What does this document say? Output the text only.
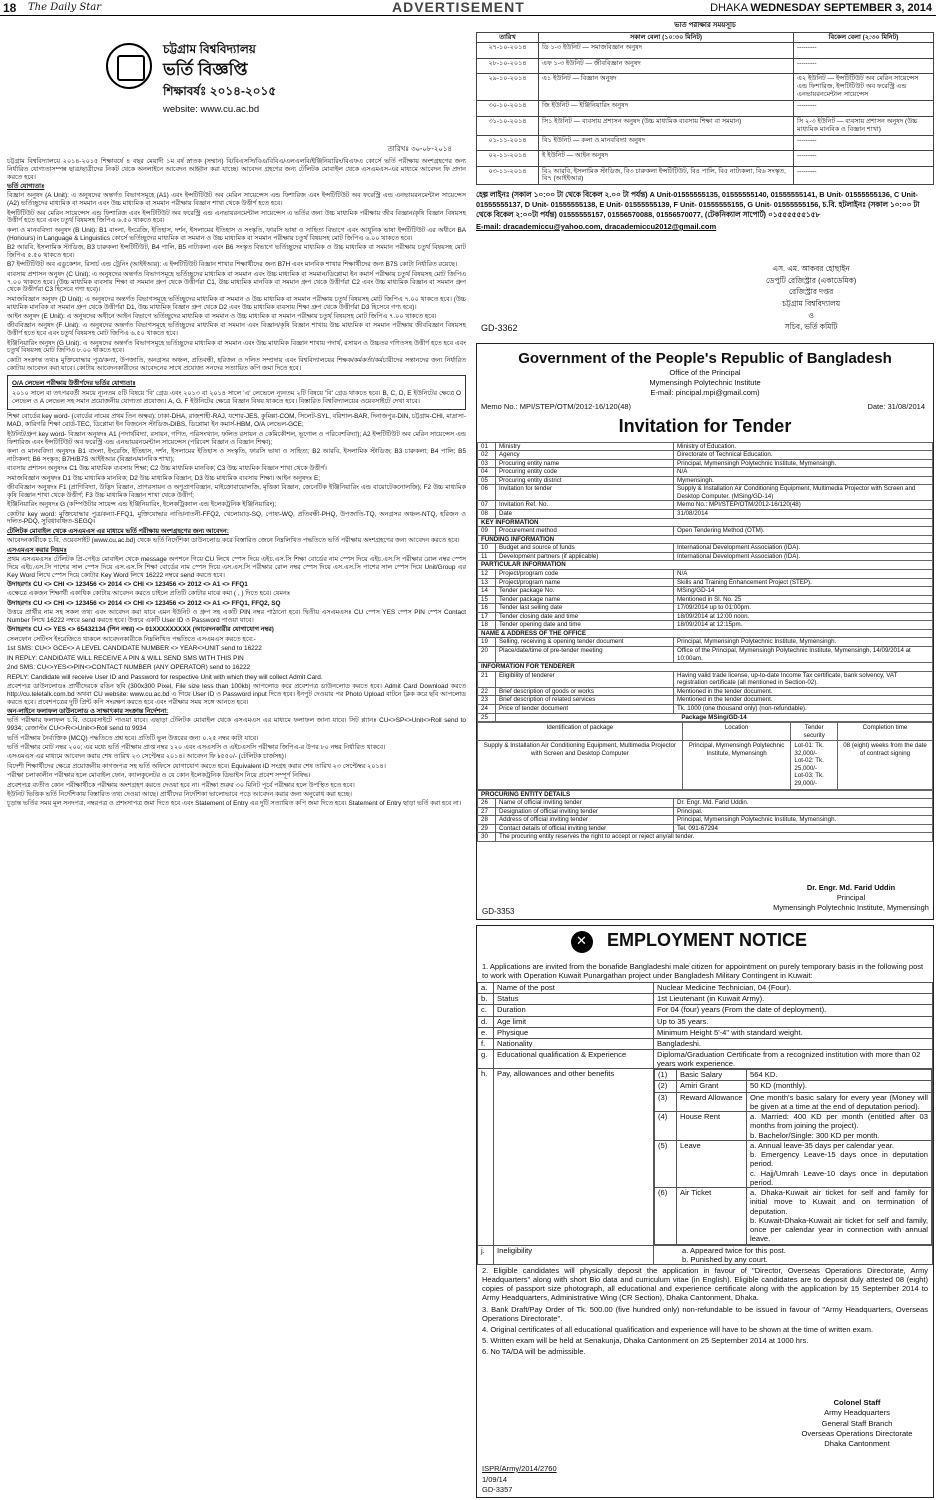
18 The Daily Star	ADVERTISEMENT	DHAKA WEDNESDAY SEPTEMBER 3, 2014
চট্টগ্রাম বিশ্ববিদ্যালয়
ভর্তি বিজ্ঞপ্তি
শিক্ষাবর্ষঃ ২০১৪-২০১৫
website: www.cu.ac.bd
তারিখঃ ৩০-০৮-২০১৪

চট্টগ্রাম বিশ্ববিদ্যালয়ে ২০১৪-২০১৫ শিক্ষাবর্ষে ৪ বছর মেয়াদী ১ম বর্ষ স্নাতক (সম্মান) বি/বিএসসি/বিএ/বিবিএ/এলএলবি/ইঞ্জিনিয়ারিং/বিএফএ কোর্সে ভর্তি পরীক্ষায় অংশগ্রহণের জন্য নির্ধারিত যোগ্যতাসম্পন্ন ছাত্র/ছাত্রীদের নিকট থেকে অনলাইনে আবেদন আহ্বান করা যাচ্ছে। আবেদন গ্রহণের জন্য টেলিটক মোবাইল থেকে এসএমএস-এর মাধ্যমে আবেদন ফি প্রদান করতে হবে।

ভর্তি যোগ্যতাঃ

বিজ্ঞান অনুষদ (A Unit): এ অনুষদের অন্তর্গত বিভাগসমূহে (A1) এবং ইন্সটিটিউট অব মেরিন সায়েন্সেস এন্ড ফিশারিজ এবং ইন্সটিটিউট অব ফরেস্ট্রি এন্ড এনভায়রনমেন্টাল সায়েন্সেস (A2) ভর্তিচ্ছুদের মাধ্যমিক বা সমমান এবং উচ্চ মাধ্যমিক বা সমমান পরীক্ষায় বিজ্ঞান শাখা থেকে উত্তীর্ণ হতে হবে।

ইন্সটিটিউট অব মেরিন সায়েন্সেস এন্ড ফিশারিজ এবং ইন্সটিটিউট অব ফরেস্ট্রি এন্ড এনভায়রনমেন্টাল সায়েন্সেস এ ভর্তির জন্য উচ্চ মাধ্যমিক পরীক্ষায় জীব বিজ্ঞান/কৃষি বিজ্ঞান বিষয়সহ উত্তীর্ণ হতে হবে এবং চতুর্থ বিষয়সহ জিপিএ ৬.৫০ থাকতে হবে।

কলা ও মানববিদ্যা অনুষদ (B Unit): B1 বাংলা, ইংরেজি, ইতিহাস, দর্শন, ইসলামের ইতিহাস ও সংস্কৃতি, ফারসি ভাষা ও সাহিত্য বিভাগে এবং আধুনিক ভাষা ইন্সটিটিউট এর অধীনে BA (Honours) in Language & Linguistics কোর্সে ভর্তিচ্ছুদের মাধ্যমিক বা সমমান ও উচ্চ মাধ্যমিক বা সমমান পরীক্ষায় চতুর্থ বিষয়সহ মোট জিপিএ ৬.০০ থাকতে হবে।

B2 আরবি, ইসলামিক স্টাডিজ, B3 চারুকলা ইন্সটিটিউট, B4 পালি, B5 নাট্যকলা এবং B6 সংস্কৃত বিভাগে ভর্তিচ্ছুদের মাধ্যমিক ও উচ্চ মাধ্যমিক বা সমমান পরীক্ষায় চতুর্থ বিষয়সহ মোট জিপিএ ৫.৫০ থাকতে হবে।

B7 ইন্সটিটিউট অব এডুকেশন, রিসার্চ এন্ড ট্রেনিং (আইইআর): এ ইন্সটিটিউট বিজ্ঞান শাখার শিক্ষার্থীদের জন্য B7H এবং মানবিক শাখার শিক্ষার্থীদের জন্য B7S কোটা নির্ধারিত রয়েছে।

ব্যবসায় প্রশাসন অনুষদ (C Unit): এ অনুষদের অন্তর্গত বিভাগসমূহে ভর্তিচ্ছুদের মাধ্যমিক বা সমমান এবং উচ্চ মাধ্যমিক বা সমমান/ডিপ্লোমা ইন কমার্স পরীক্ষায় চতুর্থ বিষয়সহ মোট জিপিএ ৭.০০ থাকতে হবে। (উচ্চ মাধ্যমিক ব্যবসায় শিক্ষা বা সমমান গ্রুপ থেকে উত্তীর্ণরা C1, উচ্চ মাধ্যমিক মানবিক বা সমমান গ্রুপ থেকে উত্তীর্ণরা C2 এবং উচ্চ মাধ্যমিক বিজ্ঞান বা সমমান গ্রুপ থেকে উত্তীর্ণরা C3 হিসেবে গণ্য হবে)।

সমাজবিজ্ঞান অনুষদ (D Unit): এ অনুষদের অন্তর্গত বিভাগসমূহে ভর্তিচ্ছুদের মাধ্যমিক বা সমমান ও উচ্চ মাধ্যমিক বা সমমান পরীক্ষায় চতুর্থ বিষয়সহ মোট জিপিএ ৭.০০ থাকতে হবে। (উচ্চ মাধ্যমিক মানবিক বা সমমান গ্রুপ থেকে উত্তীর্ণরা D1, উচ্চ মাধ্যমিক বিজ্ঞান গ্রুপ থেকে D2 এবং উচ্চ মাধ্যমিক ব্যবসায় শিক্ষা গ্রুপ থেকে উত্তীর্ণরা D3 হিসেবে গণ্য হবে)।

আইন অনুষদ (E Unit): এ অনুষদের অধীনে আইন বিভাগে ভর্তিচ্ছুদের মাধ্যমিক বা সমমান ও উচ্চ মাধ্যমিক বা সমমান পরীক্ষায় চতুর্থ বিষয়সহ মোট জিপিএ ৭.০০ থাকতে হবে।

জীববিজ্ঞান অনুষদ (F Unit): এ অনুষদের অন্তর্গত বিভাগসমূহে ভর্তিচ্ছুদের মাধ্যমিক বা সমমান এবং বিজ্ঞান/কৃষি বিজ্ঞান শাখায় উচ্চ মাধ্যমিক বা সমমান পরীক্ষায় জীববিজ্ঞান বিষয়সহ উত্তীর্ণ হতে হবে এবং চতুর্থ বিষয়সহ মোট জিপিএ ৬.৫০ থাকতে হবে।

ইঞ্জিনিয়ারিং অনুষদ (G Unit): এ অনুষদের অন্তর্গত বিভাগসমূহে ভর্তিচ্ছুদের মাধ্যমিক বা সমমান এবং উচ্চ মাধ্যমিক বিজ্ঞান শাখায় পদার্থ, রসায়ন ও উচ্চতর গণিতসহ উত্তীর্ণ হতে হবে এবং চতুর্থ বিষয়সহ মোট জিপিএ ৮.০০ থাকতে হবে।

কোটা সংক্রান্ত তথ্যঃ মুক্তিযোদ্ধার পুত্র/কন্যা, উপজাতি, অনগ্রসর অঞ্চল, প্রতিবন্ধী, হরিজন ও দলিত সম্প্রদায় এবং বিশ্ববিদ্যালয়ের শিক্ষক/কর্মকর্তা/কর্মচারীদের সন্তানদের জন্য নির্ধারিত কোটায় আবেদন করা যাবে। কোটায় আবেদনকারীদের আবেদনের সাথে প্রযোজ্য সনদের সত্যায়িত কপি জমা দিতে হবে।

O/A লেভেল পরীক্ষায় উত্তীর্ণদের ভর্তির যোগ্যতাঃ

২০১০ সালে বা তৎপরবর্তী সময়ে ন্যূনতম ৫টি বিষয়ে 'বি' গ্রেড এবং ২০১৩ বা ২০১৪ সালে 'এ' লেভেলে ন্যূনতম ২টি বিষয়ে 'বি' গ্রেড থাকতে হবে। B, C, D, E ইউনিটের ক্ষেত্রে O লেভেল ও A লেভেল সহ সমান প্রয়োজনীয় যোগ্যতা প্রযোজ্য। A, G, F ইউনিটের ক্ষেত্রে বিজ্ঞান বিষয় থাকতে হবে। বিস্তারিত বিশ্ববিদ্যালয়ের ওয়েবসাইটে দেখা যাবে।

শিক্ষা বোর্ডের key word- (বোর্ডের নামের প্রথম তিন অক্ষর): ঢাকা-DHA, রাজশাহী-RAJ, যশোর-JES, কুমিল্লা-COM, সিলেট-SYL, বরিশাল-BAR, দিনাজপুর-DIN, চট্টগ্রাম-CHI, মাদ্রাসা-MAD, কারিগরি শিক্ষা বোর্ড-TEC, ডিপ্লোমা ইন বিজনেস স্টাডিজ-DIBS, ডিপ্লোমা ইন কমার্স-HBM, O/A লেভেল-GCE;

ইউনিট/গ্রুপ key word- বিজ্ঞান অনুষদঃ A1 (পদার্থবিদ্যা, রসায়ন, গণিত, পরিসংখ্যান, ফলিত রসায়ন ও কেমিকৌশল, ভূগোল ও পরিবেশবিদ্যা); A2 ইন্সটিটিউট অব মেরিন সায়েন্সেস এন্ড ফিশারিজ এবং ইন্সটিটিউট অব ফরেস্ট্রি এন্ড এনভায়রনমেন্টাল সায়েন্সেস (পরিবেশ বিজ্ঞান ও বিজ্ঞান শিক্ষা);

কলা ও মানববিদ্যা অনুষদঃ B1 বাংলা, ইংরেজি, ইতিহাস, দর্শন, ইসলামের ইতিহাস ও সংস্কৃতি, ফারসি ভাষা ও সাহিত্য; B2 আরবি, ইসলামিক স্টাডিজ; B3 চারুকলা; B4 পালি; B5 নাট্যকলা; B6 সংস্কৃত; B7H/B7S আইইআর (বিজ্ঞান/মানবিক শাখা);

ব্যবসায় প্রশাসন অনুষদঃ C1 উচ্চ মাধ্যমিক ব্যবসায় শিক্ষা; C2 উচ্চ মাধ্যমিক মানবিক; C3 উচ্চ মাধ্যমিক বিজ্ঞান শাখা থেকে উত্তীর্ণ।

সমাজবিজ্ঞান অনুষদঃ D1 উচ্চ মাধ্যমিক মানবিক; D2 উচ্চ মাধ্যমিক বিজ্ঞান; D3 উচ্চ মাধ্যমিক ব্যবসায় শিক্ষা। আইন অনুষদঃ E;

জীববিজ্ঞান অনুষদঃ F1 (প্রাণিবিদ্যা, উদ্ভিদ বিজ্ঞান, প্রাণরসায়ন ও অণুপ্রাণবিজ্ঞান, মাইক্রোবায়োলজি, মৃত্তিকা বিজ্ঞান, জেনেটিক ইঞ্জিনিয়ারিং এন্ড বায়োটেকনোলজি); F2 উচ্চ মাধ্যমিক কৃষি বিজ্ঞান শাখা থেকে উত্তীর্ণ; F3 উচ্চ মাধ্যমিক বিজ্ঞান শাখা থেকে উত্তীর্ণ;

ইঞ্জিনিয়ারিং অনুষদঃ G (কম্পিউটার সায়েন্স এন্ড ইঞ্জিনিয়ারিং, ইলেকট্রিক্যাল এন্ড ইলেকট্রনিক ইঞ্জিনিয়ারিং);

কোটার key word: মুক্তিযোদ্ধার পুত্র/কন্যা-FFQ1, মুক্তিযোদ্ধার নাতি/নাতনী-FFQ2, খেলোয়াড়-SQ, পোষ্য-WQ, প্রতিবন্ধী-PHQ, উপজাতি-TQ, অনগ্রসর অঞ্চল-NTQ, হরিজন ও দলিত-PDQ, সুবিধাবঞ্চিত-SEGQ।

টেলিটক মোবাইল থেকে এসএমএস এর মাধ্যমে ভর্তি পরীক্ষায় অংশগ্রহণের জন্য আবেদন:

আবেদনকারীকে চ.বি. ওয়েবসাইট (www.cu.ac.bd) থেকে ভর্তি নির্দেশিকা ডাউনলোড করে বিস্তারিত জেনে নিম্নলিখিত পদ্ধতিতে ভর্তি পরীক্ষায় অংশগ্রহণের জন্য আবেদন করতে হবে।

এসএমএস করার নিয়মঃ

প্রথম এসএমএসঃ টেলিটক প্রি-পেইড মোবাইল থেকে message অপশনে গিয়ে CU লিখে স্পেস দিয়ে এইচ.এস.সি শিক্ষা বোর্ডের নাম স্পেস দিয়ে এইচ.এস.সি পরীক্ষার রোল নম্বর স্পেস দিয়ে এইচ.এস.সি পাশের সাল স্পেস দিয়ে এস.এস.সি শিক্ষা বোর্ডের নাম স্পেস দিয়ে এস.এস.সি পরীক্ষার রোল নম্বর স্পেস দিয়ে এস.এস.সি পাশের সাল স্পেস দিয়ে Unit/Group এর Key Word লিখে স্পেস দিয়ে কোটার Key Word লিখে 16222 নম্বরে send করতে হবে।

উদাহরণঃ CU <> CHI <> 123456 <> 2014 <> CHI <> 123456 <> 2012 <> A1 <> FFQ1

এক্ষেত্রে একজন শিক্ষার্থী একাধিক কোটায় আবেদন করতে চাইলে প্রতিটি কোটার মাঝে কমা ( , ) দিতে হবে। যেমনঃ

উদাহরণঃ CU <> CHI <> 123456 <> 2014 <> CHI <> 123456 <> 2012 <> A1 <> FFQ1, FFQ2, SQ

উত্তরে প্রার্থীর নাম সহ সকল তথ্য এবং আবেদন করা যাবে এমন ইউনিট ও গ্রুপ সহ একটি PIN নম্বর পাঠানো হবে। দ্বিতীয় এসএমএসঃ CU স্পেস YES স্পেস PIN স্পেস Contact Number লিখে 16222 নম্বরে send করতে হবে। উত্তরে একটি User ID ও Password পাওয়া যাবে।

উদাহরণঃ CU <> YES <> 65432134 (পিন নম্বর) <> 01XXXXXXXXX (আবেদনকারীর যোগাযোগ নম্বর)

সেলফোন সেটিংস ইংরেজিতে থাকলে আবেদনকারীকে নিম্নলিখিত পদ্ধতিতে এসএমএস করতে হবে:-

1st SMS: CU<> GCE<> A LEVEL CANDIDATE NUMBER <> YEAR<>UNIT send to 16222

IN REPLY: CANDIDATE WILL RECEIVE A PIN & WILL SEND SMS WITH THIS PIN

2nd SMS: CU<>YES<>PIN<>CONTACT NUMBER (ANY OPERATOR) send to 16222

REPLY: Candidate will receive User ID and Password for respective Unit with which they will collect Admit Card.

প্রবেশপত্র ডাউনলোডঃ প্রার্থীদেরকে রঙিন ছবি (300x300 Pixel, File size less than 100kb) আপলোড করে প্রবেশপত্র ডাউনলোড করতে হবে। Admit Card Download করতে http://cu.teletalk.com.bd অথবা CU website: www.cu.ac.bd এ গিয়ে User ID ও Password input দিতে হবে। ইনপুট দেওয়ার পর Photo Upload বাটনে ক্লিক করে ছবি আপলোড করতে হবে। প্রবেশপত্রের দুটি প্রিন্ট কপি সংরক্ষণ করতে হবে এবং পরীক্ষার সময় সঙ্গে আনতে হবে।

অন-লাইনে ফলাফল ডাউনলোড ও সাক্ষাৎকার সংক্রান্ত নির্দেশনা:

ভর্তি পরীক্ষার ফলাফল চ.বি. ওয়েবসাইটে পাওয়া যাবে। এছাড়া টেলিটক মোবাইল থেকে এসএমএস এর মাধ্যমে ফলাফল জানা যাবে। সিট প্ল্যানঃ CU<>SP<>Unit<>Roll send to 9934; রেজাল্টঃ CU<>R<>Unit<>Roll send to 9934

ভর্তি পরীক্ষায় নৈর্ব্যক্তিক (MCQ) পদ্ধতিতে প্রশ্ন হবে। প্রতিটি ভুল উত্তরের জন্য ০.২৫ নম্বর কাটা যাবে।

ভর্তি পরীক্ষার মোট নম্বর ২০০; এর মধ্যে ভর্তি পরীক্ষায় প্রাপ্ত নম্বর ১২০ এবং এসএসসি ও এইচএসসি পরীক্ষার জিপিএ-র উপর ৮০ নম্বর নির্ধারিত থাকবে।

এসএমএস এর মাধ্যমে আবেদন করার শেষ তারিখ ২৩ সেপ্টেম্বর ২০১৪। আবেদন ফি ৳৫৫০/- (টেলিটক চার্জসহ)।

বিদেশী শিক্ষার্থীদের ক্ষেত্রে প্রয়োজনীয় কাগজপত্র সহ ভর্তি অফিসে যোগাযোগ করতে হবে। Equivalent ID সংগ্রহ করার শেষ তারিখ ২৩ সেপ্টেম্বর ২০১৪।

পরীক্ষা চলাকালীন পরীক্ষার হলে মোবাইল ফোন, ক্যালকুলেটর ও যে কোন ইলেকট্রনিক ডিভাইস নিয়ে প্রবেশ সম্পূর্ণ নিষিদ্ধ।

প্রবেশপত্র ব্যতীত কোন পরীক্ষার্থীকে পরীক্ষায় অংশগ্রহণ করতে দেওয়া হবে না। পরীক্ষা শুরুর ৩০ মিনিট পূর্বে পরীক্ষার হলে উপস্থিত হতে হবে।

ইউনিট ভিত্তিক ভর্তি নির্দেশিকায় বিস্তারিত তথ্য দেওয়া আছে। প্রার্থীদের নির্দেশিকা ভালোভাবে পড়ে আবেদন করার জন্য অনুরোধ করা হচ্ছে।

চূড়ান্ত ভর্তির সময় মূল সনদপত্র, নম্বরপত্র ও প্রশংসাপত্র জমা দিতে হবে এবং Statement of Entry এর দুটি সত্যায়িত কপি জমা দিতে হবে। Statement of Entry ছাড়া ভর্তি করা হবে না।

ভর্তি পরীক্ষার সময়সূচি
তারিখ	সকাল বেলা (১০:৩০ মিনিট)	বিকেল বেলা (২:৩০ মিনিট)
২৭-১০-২০১৪	ডি ১-৩ ইউনিট — সমাজবিজ্ঞান অনুষদ	---------
২৮-১০-২০১৪	এফ ১-৩ ইউনিট — জীববিজ্ঞান অনুষদ	---------
২৯-১০-২০১৪	এ১ ইউনিট — বিজ্ঞান অনুষদ	এ২ ইউনিট — ইন্সটিটিউট অব মেরিন সায়েন্সেস এন্ড ফিশারিজ, ইন্সটিটিউট অব ফরেস্ট্রি এন্ড এনভায়রনমেন্টাল সায়েন্সেস
৩০-১০-২০১৪	জি ইউনিট — ইঞ্জিনিয়ারিং অনুষদ	---------
৩১-১০-২০১৪	সি১ ইউনিট — ব্যবসায় প্রশাসন অনুষদ (উচ্চ মাধ্যমিক ব্যবসায় শিক্ষা বা সমমান)	সি ২-৩ ইউনিট — ব্যবসায় প্রশাসন অনুষদ (উচ্চ মাধ্যমিক মানবিক ও বিজ্ঞান শাখা)
০১-১১-২০১৪	বি১ ইউনিট — কলা ও মানববিদ্যা অনুষদ	---------
০২-১১-২০১৪	ই ইউনিট — আইন অনুষদ	---------
০৩-১১-২০১৪	বি২ আরবি, ইসলামিক স্টাডিজ, বি৩ চারুকলা ইন্সটিটিউট, বি৪ পালি, বি৫ নাট্যকলা, বি৬ সংস্কৃত, বি৭ (আইইআর)	---------
হেল্প লাইনঃ (সকাল ১০:০০ টা থেকে বিকেল ২.০০ টা পর্যন্ত) A Unit-01555555135, 01555555140, 01555555141, B Unit- 01555555136, C Unit- 01555555137, D Unit- 01555555138, E Unit- 01555555139, F Unit- 01555555155, G Unit- 01555555156, চ.বি. হটলাইনঃ (সকাল ১০:০০ টা থেকে বিকেল ২:০০টা পর্যন্ত) 01555555157, 01556570088, 01556570077, (টেকনিক্যাল সাপোর্ট) ০১৫৫৫৫৫৫১৫৮
E-mail: dracademiccu@yahoo.com, dracademiccu2012@gmail.com
এস. এম. আকবর হোছাইন
ডেপুটি রেজিস্ট্রার (একাডেমিক)
রেজিস্ট্রার দপ্তর
চট্টগ্রাম বিশ্ববিদ্যালয়
ও
সচিব, ভর্তি কমিটি
GD-3362
Government of the People's Republic of Bangladesh
Office of the Principal
Mymensingh Polytechnic Institute
E-mail: pincipal.mpi@gmail.com)
Memo No.: MPI/STEP/OTM/2012-16/120(48)	Date: 31/08/2014
Invitation for Tender
01	Ministry	Ministry of Education.
02	Agency	Directorate of Technical Education.
03	Procuring entity name	Principal, Mymensingh Polytechnic Institute, Mymensingh.
04	Procuring entity code	N/A
05	Procuring entity district	Mymensingh.
06	Invitation for tender	Supply & Installation Air Conditioning Equipment, Multimedia Projector with Screen and Desktop Computer. (MSing/GD-14)
07	Invitation Ref. No.	Memo No.: MPI/STEP/OTM/2012-16/120(48)
08	Date	31/08/2014
KEY INFORMATION		
09	Procurement method	Open Tendering Method (OTM).
FUNDING INFORMATION		
10	Budget and source of funds	International Development Association (IDA).
11	Development partners (if applicable)	International Development Association (IDA).
PARTICULAR INFORMATION		
12	Project/program code	N/A
13	Project/program name	Skills and Training Enhancement Project (STEP).
14	Tender package No.	MSing/GD-14
15	Tender package name	Mentioned in Sl. No. 25
16	Tender last selling date	17/09/2014 up to 01:00pm.
17	Tender closing date and time	18/09/2014 at 12:00 noon.
18	Tender opening date and time	18/09/2014 at 12:15pm.
NAME & ADDRESS OF THE OFFICE		
19	Selling, receiving & opening tender document	Principal, Mymensingh Polytechnic Institute, Mymensingh.
20	Place/date/time of pre-tender meeting	Office of the Principal, Mymensingh Polytechnic Institute, Mymensingh, 14/09/2014 at 10:00am.
INFORMATION FOR TENDERER		
21	Eligibility of tenderer	Having valid trade license, up-to-date Income Tax certificate, bank solvency, VAT registration certificate (all mentioned in Section-02).
22	Brief description of goods or works	Mentioned in the tender document.
23	Brief description of related services	Mentioned in the tender document.
24	Price of tender document	Tk. 1000 (one thousand only) (non-refundable).
25	Package MSing/GD-14	
Identification of package	Location	Tender security	Completion time
Supply & Installation Air Conditioning Equipment, Multimedia Projector with Screen and Desktop Computer	Principal, Mymensingh Polytechnic Institute, Mymensingh	Lot-01: Tk. 32,000/-
Lot-02: Tk. 25,000/-
Lot-03: Tk. 29,000/-	08 (eight) weeks from the date of contract signing
PROCURING ENTITY DETAILS		
26	Name of official inviting tender	Dr. Engr. Md. Farid Uddin.
27	Designation of official inviting tender	Principal.
28	Address of official inviting tender	Principal, Mymensingh Polytechnic Institute, Mymensingh.
29	Contact details of official inviting tender	Tel. 091-67294
30	The procuring entity reserves the right to accept or reject any/all tender.	
Dr. Engr. Md. Farid Uddin
Principal
Mymensingh Polytechnic Institute, Mymensingh
GD-3353
✕
EMPLOYMENT NOTICE
1. Applications are invited from the bonafide Bangladeshi male citizen for appointment on purely temporary basis in the following post to work with Operation Kuwait Punargathan project under Bangladesh Military Contingent in Kuwait:
a.	Name of the post	Nuclear Medicine Technician, 04 (Four).
b.	Status	1st Lieutenant (in Kuwait Army).
c.	Duration	For 04 (four) years (From the date of deployment).
d.	Age limit	Up to 35 years.
e.	Physique	Minimum Height 5'-4" with standard weight.
f.	Nationality	Bangladeshi.
g.	Educational qualification & Experience	Diploma/Graduation Certificate from a recognized institution with more than 02 years work experience.
h.	Pay, allowances and other benefits		(1)	Basic Salary	564 KD.
(2)	Amiri Grant	50 KD (monthly).
(3)	Reward Allowance	One month's basic salary for every year (Money will be given at a time at the end of deputation period).
(4)	House Rent	a. Married: 400 KD per month (entitled after 03 months from joining the project).
b. Bachelor/Single: 300 KD per month.
(5)	Leave	a. Annual leave-35 days per calendar year.
b. Emergency Leave-15 days once in deputation period.
c. Hajj/Umrah Leave-10 days once in deputation period.
(6)	Air Ticket	a. Dhaka-Kuwait air ticket for self and family for initial move to Kuwait and on termination of deputation.
b. Kuwait-Dhaka-Kuwait air ticket for self and family, once per calendar year in connection with annual leave.

j.	Ineligibility	a. Appeared twice for this post.
b. Punished by any court.
2. Eligible candidates will physically deposit the application in favour of "Director, Overseas Operations Directorate, Army Headquarters" along with short Bio data and curriculum vitae (in English). Eligible candidates are to deposit duly attested 08 (eight) copies of passport size photograph, all educational and experience certificate along with the application by 15 September 2014 to Army Headquarters, Administrative Wing (CR Section), Dhaka Cantonment, Dhaka.
3. Bank Draft/Pay Order of Tk. 500.00 (five hundred only) non-refundable to be issued in favour of "Army Headquarters, Overseas Operations Directorate".
4. Original certificates of all educational qualification and experience will have to be shown at the time of written exam.
5. Written exam will be held at Senakunja, Dhaka Cantonment on 25 September 2014 at 1000 hrs.
6. No TA/DA will be admissible.
Colonel Staff
Army Headquarters
General Staff Branch
Overseas Operations Directorate
Dhaka Cantonment
ISPR/Army/2014/2760
1/09/14
GD-3357
